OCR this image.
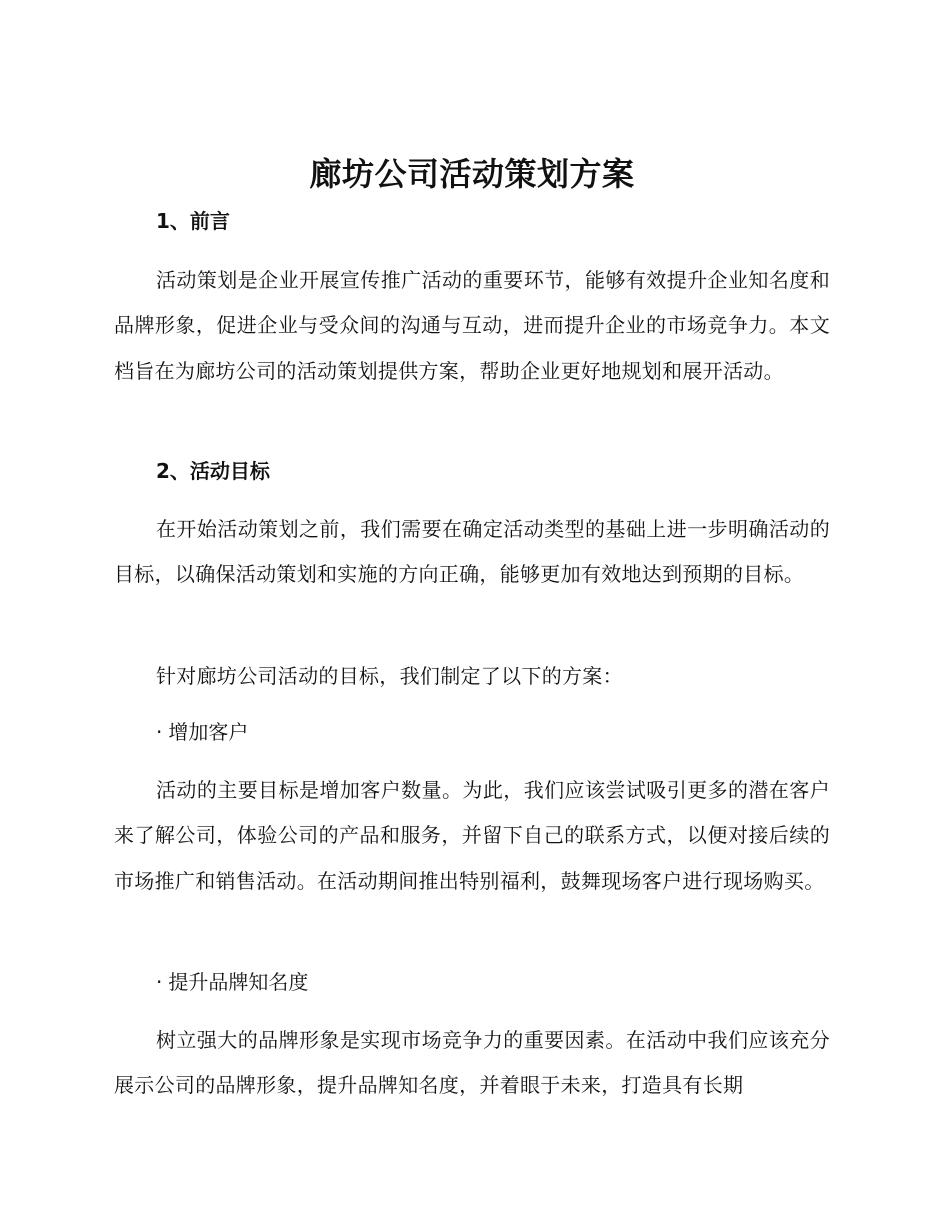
廊坊公司活动策划方案
1、前言

活动策划是企业开展宣传推广活动的重要环节，能够有效提升企业知名度和品牌形象，促进企业与受众间的沟通与互动，进而提升企业的市场竞争力。本文档旨在为廊坊公司的活动策划提供方案，帮助企业更好地规划和展开活动。

2、活动目标

在开始活动策划之前，我们需要在确定活动类型的基础上进一步明确活动的目标，以确保活动策划和实施的方向正确，能够更加有效地达到预期的目标。

针对廊坊公司活动的目标，我们制定了以下的方案：

· 增加客户

活动的主要目标是增加客户数量。为此，我们应该尝试吸引更多的潜在客户来了解公司，体验公司的产品和服务，并留下自己的联系方式，以便对接后续的市场推广和销售活动。在活动期间推出特别福利，鼓舞现场客户进行现场购买。

· 提升品牌知名度

树立强大的品牌形象是实现市场竞争力的重要因素。在活动中我们应该充分展示公司的品牌形象，提升品牌知名度，并着眼于未来，打造具有长期
